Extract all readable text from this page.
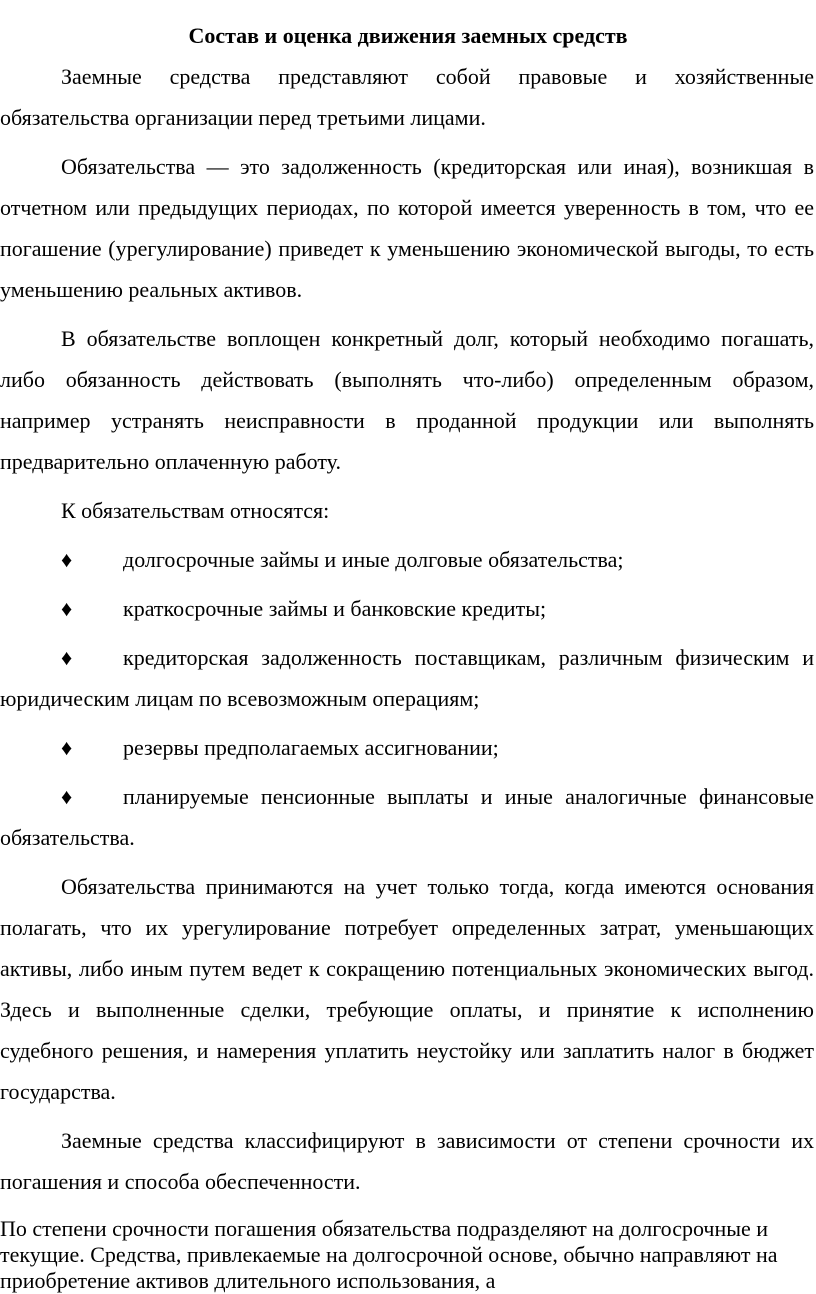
Состав и оценка движения заемных средств

Заемные средства представляют собой правовые и хозяйственные обязательства организации перед третьими лицами.

Обязательства — это задолженность (кредиторская или иная), возникшая в отчетном или предыдущих периодах, по которой имеется уверенность в том, что ее погашение (урегулирование) приведет к уменьшению экономической выгоды, то есть уменьшению реальных активов.

В обязательстве воплощен конкретный долг, который необходимо погашать, либо обязанность действовать (выполнять что-либо) определенным образом, например устранять неисправности в проданной продукции или выполнять предварительно оплаченную работу.

К обязательствам относятся:

♦ долгосрочные займы и иные долговые обязательства;

♦ краткосрочные займы и банковские кредиты;

♦ кредиторская задолженность поставщикам, различным физическим и юридическим лицам по всевозможным операциям;

♦ резервы предполагаемых ассигновании;

♦ планируемые пенсионные выплаты и иные аналогичные финансовые обязательства.

Обязательства принимаются на учет только тогда, когда имеются основания полагать, что их урегулирование потребует определенных затрат, уменьшающих активы, либо иным путем ведет к сокращению потенциальных экономических выгод. Здесь и выполненные сделки, требующие оплаты, и принятие к исполнению судебного решения, и намерения уплатить неустойку или заплатить налог в бюджет государства.

Заемные средства классифицируют в зависимости от степени срочности их погашения и способа обеспеченности.

По степени срочности погашения обязательства подразделяют на долгосрочные и текущие. Средства, привлекаемые на долгосрочной основе, обычно направляют на приобретение активов длительного использования, а
